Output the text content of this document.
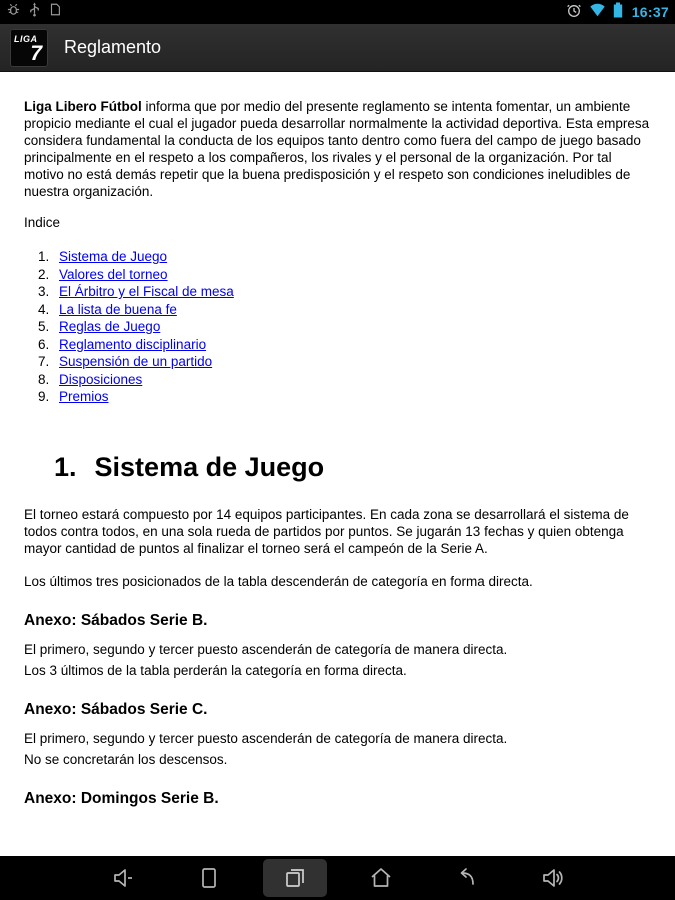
16:37
LIGA
7 Reglamento

Liga Libero Fútbol informa que por medio del presente reglamento se intenta fomentar, un ambiente propicio mediante el cual el jugador pueda desarrollar normalmente la actividad deportiva. Esta empresa considera fundamental la conducta de los equipos tanto dentro como fuera del campo de juego basado principalmente en el respeto a los compañeros, los rivales y el personal de la organización. Por tal motivo no está demás repetir que la buena predisposición y el respeto son condiciones ineludibles de nuestra organización.

Indice
1. Sistema de Juego
2. Valores del torneo
3. El Árbitro y el Fiscal de mesa
4. La lista de buena fe
5. Reglas de Juego
6. Reglamento disciplinario
7. Suspensión de un partido
8. Disposiciones
9. Premios
1. Sistema de Juego

El torneo estará compuesto por 14 equipos participantes. En cada zona se desarrollará el sistema de todos contra todos, en una sola rueda de partidos por puntos. Se jugarán 13 fechas y quien obtenga mayor cantidad de puntos al finalizar el torneo será el campeón de la Serie A.

Los últimos tres posicionados de la tabla descenderán de categoría en forma directa.

Anexo: Sábados Serie B.
El primero, segundo y tercer puesto ascenderán de categoría de manera directa.
Los 3 últimos de la tabla perderán la categoría en forma directa.
Anexo: Sábados Serie C.
El primero, segundo y tercer puesto ascenderán de categoría de manera directa.
No se concretarán los descensos.
Anexo: Domingos Serie B.
